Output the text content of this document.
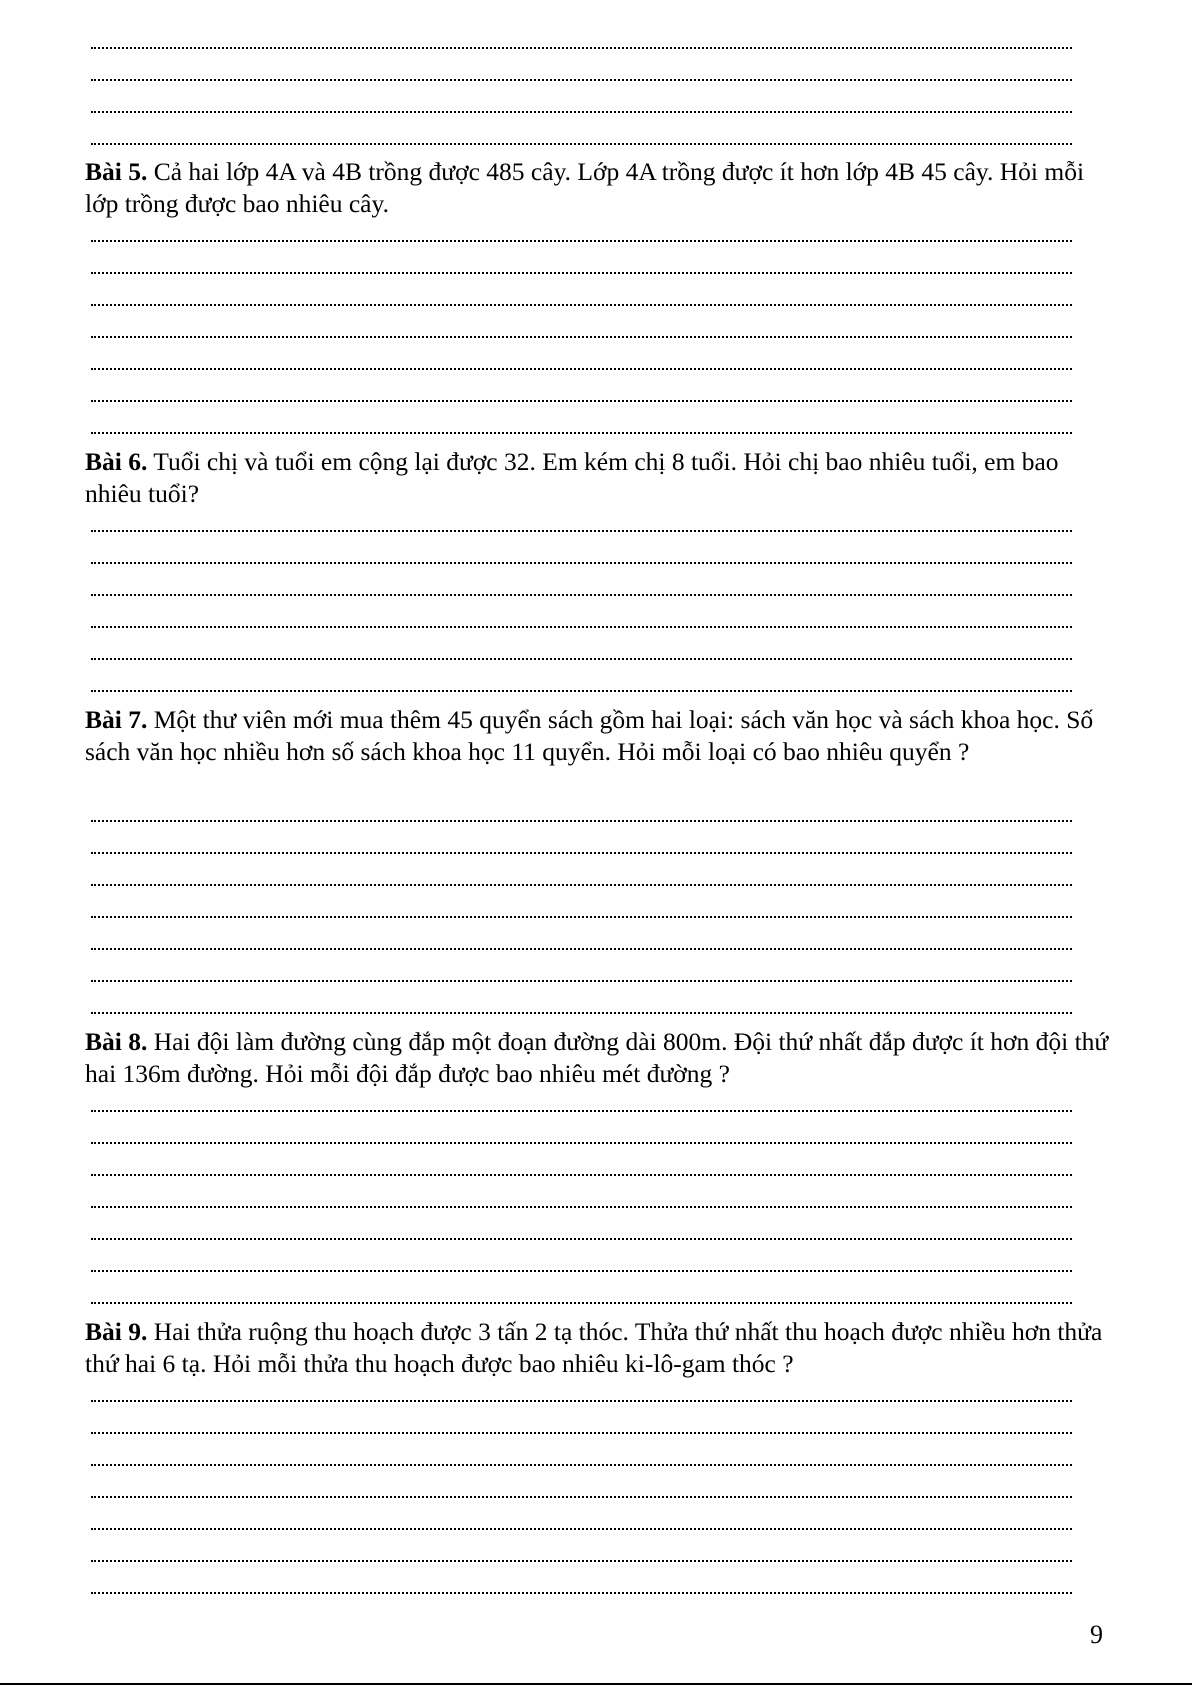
Bài 5. Cả hai lớp 4A và 4B trồng được 485 cây. Lớp 4A trồng được ít hơn lớp 4B 45 cây. Hỏi mỗi lớp trồng được bao nhiêu cây.
Bài 6. Tuổi chị và tuổi em cộng lại được 32. Em kém chị 8 tuổi. Hỏi chị bao nhiêu tuổi, em bao nhiêu tuổi?
Bài 7. Một thư viên mới mua thêm 45 quyển sách gồm hai loại: sách văn học và sách khoa học. Số sách văn học nhiều hơn số sách khoa học 11 quyển. Hỏi mỗi loại có bao nhiêu quyển ?
Bài 8. Hai đội làm đường cùng đắp một đoạn đường dài 800m. Đội thứ nhất đắp được ít hơn đội thứ hai 136m đường. Hỏi mỗi đội đắp được bao nhiêu mét đường ?
Bài 9. Hai thửa ruộng thu hoạch được 3 tấn 2 tạ thóc. Thửa thứ nhất thu hoạch được nhiều hơn thửa thứ hai 6 tạ. Hỏi mỗi thửa thu hoạch được bao nhiêu ki-lô-gam thóc ?
9
